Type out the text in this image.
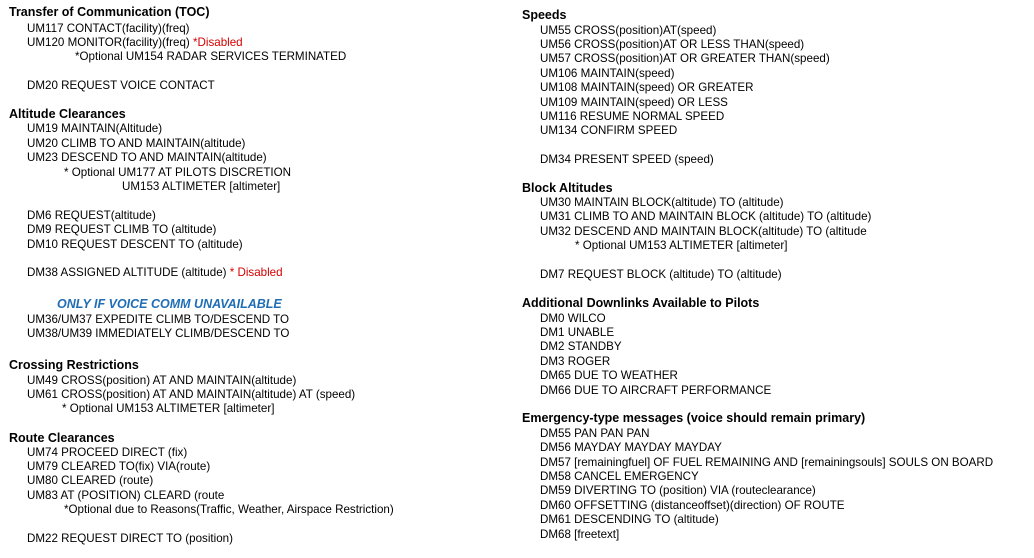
Transfer of Communication (TOC)
UM117 CONTACT(facility)(freq)
UM120 MONITOR(facility)(freq) *Disabled
*Optional UM154 RADAR SERVICES TERMINATED
DM20 REQUEST VOICE CONTACT
Altitude Clearances
UM19 MAINTAIN(Altitude)
UM20 CLIMB TO AND MAINTAIN(altitude)
UM23 DESCEND TO AND MAINTAIN(altitude)
* Optional UM177 AT PILOTS DISCRETION
UM153 ALTIMETER [altimeter]
DM6 REQUEST(altitude)
DM9 REQUEST CLIMB TO (altitude)
DM10 REQUEST DESCENT TO (altitude)
DM38 ASSIGNED ALTITUDE (altitude) * Disabled
ONLY IF VOICE COMM UNAVAILABLE
UM36/UM37 EXPEDITE CLIMB TO/DESCEND TO
UM38/UM39 IMMEDIATELY CLIMB/DESCEND TO
Crossing Restrictions
UM49 CROSS(position) AT AND MAINTAIN(altitude)
UM61 CROSS(position) AT AND MAINTAIN(altitude) AT (speed)
* Optional UM153 ALTIMETER [altimeter]
Route Clearances
UM74 PROCEED DIRECT (fix)
UM79 CLEARED TO(fix) VIA(route)
UM80 CLEARED (route)
UM83 AT (POSITION) CLEARD (route
*Optional due to Reasons(Traffic, Weather, Airspace Restriction)
DM22 REQUEST DIRECT TO (position)
Speeds
UM55 CROSS(position)AT(speed)
UM56 CROSS(position)AT OR LESS THAN(speed)
UM57 CROSS(position)AT OR GREATER THAN(speed)
UM106 MAINTAIN(speed)
UM108 MAINTAIN(speed) OR GREATER
UM109 MAINTAIN(speed) OR LESS
UM116 RESUME NORMAL SPEED
UM134 CONFIRM SPEED
DM34 PRESENT SPEED (speed)
Block Altitudes
UM30 MAINTAIN BLOCK(altitude) TO (altitude)
UM31 CLIMB TO AND MAINTAIN BLOCK (altitude) TO (altitude)
UM32 DESCEND AND MAINTAIN BLOCK(altitude) TO (altitude
* Optional UM153 ALTIMETER [altimeter]
DM7 REQUEST BLOCK (altitude) TO (altitude)
Additional Downlinks Available to Pilots
DM0 WILCO
DM1 UNABLE
DM2 STANDBY
DM3 ROGER
DM65 DUE TO WEATHER
DM66 DUE TO AIRCRAFT PERFORMANCE
Emergency-type messages (voice should remain primary)
DM55 PAN PAN PAN
DM56 MAYDAY MAYDAY MAYDAY
DM57 [remainingfuel] OF FUEL REMAINING AND [remainingsouls] SOULS ON BOARD
DM58 CANCEL EMERGENCY
DM59 DIVERTING TO (position) VIA (routeclearance)
DM60 OFFSETTING (distanceoffset)(direction) OF ROUTE
DM61 DESCENDING TO (altitude)
DM68 [freetext]
